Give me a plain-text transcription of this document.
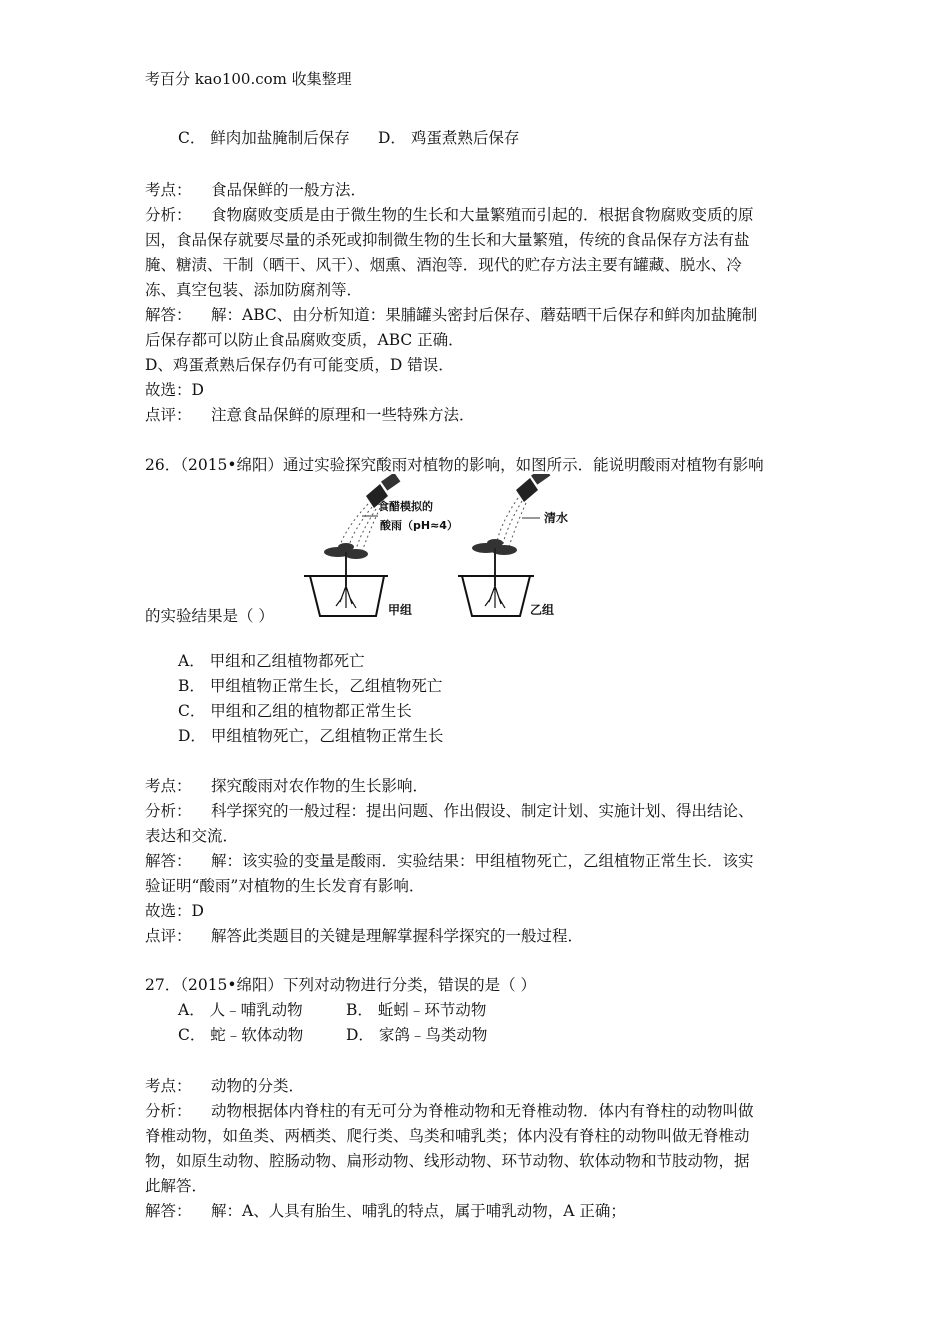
考百分 kao100.com 收集整理
C． 鲜肉加盐腌制后保存 D． 鸡蛋煮熟后保存
考点： 食品保鲜的一般方法．
分析： 食物腐败变质是由于微生物的生长和大量繁殖而引起的．根据食物腐败变质的原
因，食品保存就要尽量的杀死或抑制微生物的生长和大量繁殖，传统的食品保存方法有盐
腌、糖渍、干制（晒干、风干）、烟熏、酒泡等．现代的贮存方法主要有罐藏、脱水、冷
冻、真空包装、添加防腐剂等．
解答： 解：ABC、由分析知道：果脯罐头密封后保存、蘑菇晒干后保存和鲜肉加盐腌制
后保存都可以防止食品腐败变质，ABC 正确．
D、鸡蛋煮熟后保存仍有可能变质，D 错误．
故选：D
点评： 注意食品保鲜的原理和一些特殊方法．
26．（2015•绵阳）通过实验探究酸雨对植物的影响，如图所示．能说明酸雨对植物有影响
食醋模拟的
酸雨（pH≈4）
甲组
清水
乙组
的实验结果是（ ）
A． 甲组和乙组植物都死亡
B． 甲组植物正常生长，乙组植物死亡
C． 甲组和乙组的植物都正常生长
D． 甲组植物死亡，乙组植物正常生长
考点： 探究酸雨对农作物的生长影响．
分析： 科学探究的一般过程：提出问题、作出假设、制定计划、实施计划、得出结论、
表达和交流．
解答： 解：该实验的变量是酸雨．实验结果：甲组植物死亡，乙组植物正常生长．该实
验证明“酸雨”对植物的生长发育有影响．
故选：D
点评： 解答此类题目的关键是理解掌握科学探究的一般过程．
27．（2015•绵阳）下列对动物进行分类，错误的是（ ）
A． 人﹣哺乳动物	B． 蚯蚓﹣环节动物
C． 蛇﹣软体动物	D． 家鸽﹣鸟类动物
考点： 动物的分类．
分析： 动物根据体内脊柱的有无可分为脊椎动物和无脊椎动物．体内有脊柱的动物叫做
脊椎动物，如鱼类、两栖类、爬行类、鸟类和哺乳类；体内没有脊柱的动物叫做无脊椎动
物，如原生动物、腔肠动物、扁形动物、线形动物、环节动物、软体动物和节肢动物，据
此解答．
解答： 解：A、人具有胎生、哺乳的特点，属于哺乳动物，A 正确；
